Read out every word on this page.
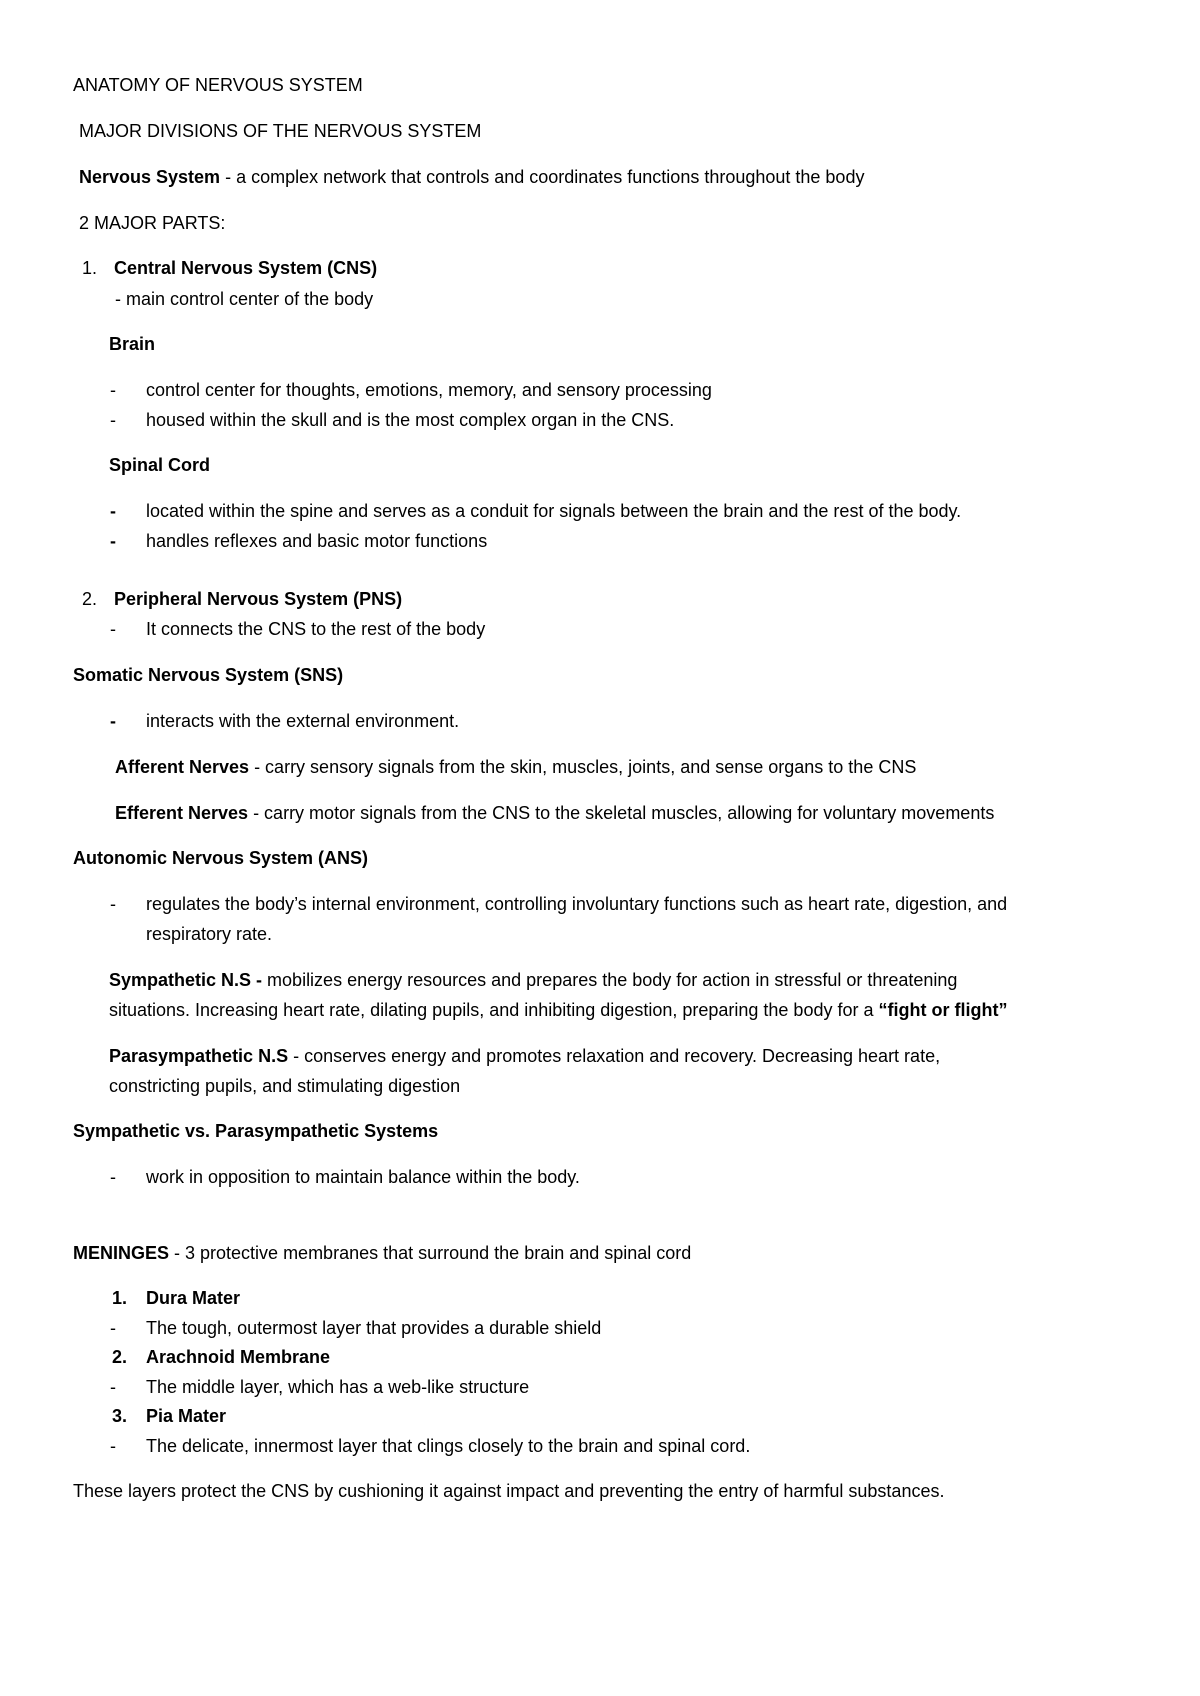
ANATOMY OF NERVOUS SYSTEM
MAJOR DIVISIONS OF THE NERVOUS SYSTEM
Nervous System - a complex network that controls and coordinates functions throughout the body
2 MAJOR PARTS:
1. Central Nervous System (CNS)
- main control center of the body
Brain
-	control center for thoughts, emotions, memory, and sensory processing
-	housed within the skull and is the most complex organ in the CNS.
Spinal Cord
-	located within the spine and serves as a conduit for signals between the brain and the rest of the body.
-	handles reflexes and basic motor functions
2. Peripheral Nervous System (PNS)
-	It connects the CNS to the rest of the body
Somatic Nervous System (SNS)
-	interacts with the external environment.
Afferent Nerves - carry sensory signals from the skin, muscles, joints, and sense organs to the CNS
Efferent Nerves - carry motor signals from the CNS to the skeletal muscles, allowing for voluntary movements
Autonomic Nervous System (ANS)
-	regulates the body’s internal environment, controlling involuntary functions such as heart rate, digestion, and
respiratory rate.
Sympathetic N.S - mobilizes energy resources and prepares the body for action in stressful or threatening
situations. Increasing heart rate, dilating pupils, and inhibiting digestion, preparing the body for a “fight or flight”
Parasympathetic N.S - conserves energy and promotes relaxation and recovery. Decreasing heart rate,
constricting pupils, and stimulating digestion
Sympathetic vs. Parasympathetic Systems
-	work in opposition to maintain balance within the body.
MENINGES - 3 protective membranes that surround the brain and spinal cord
1. Dura Mater
-	The tough, outermost layer that provides a durable shield
2. Arachnoid Membrane
-	The middle layer, which has a web-like structure
3. Pia Mater
-	The delicate, innermost layer that clings closely to the brain and spinal cord.
These layers protect the CNS by cushioning it against impact and preventing the entry of harmful substances.
